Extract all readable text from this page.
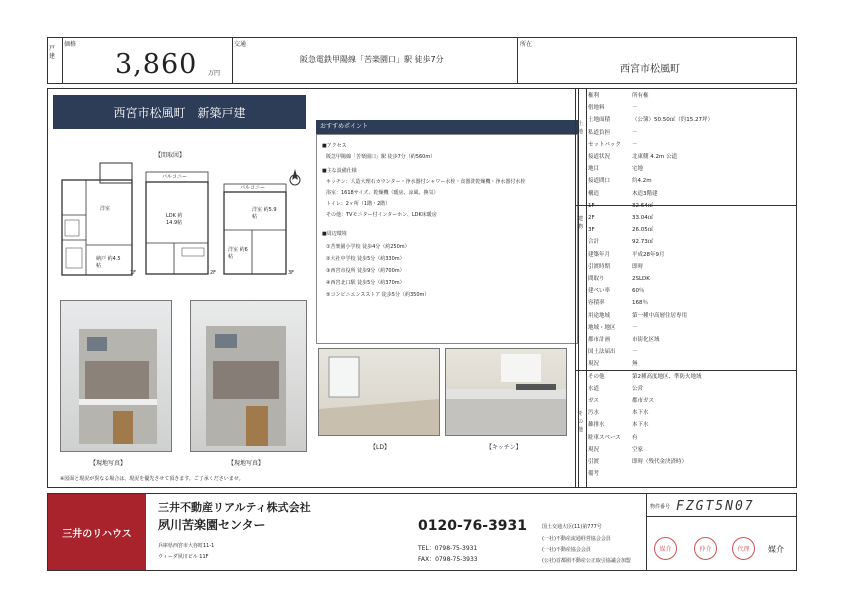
戸建
価格
3,860 万円
交通
阪急電鉄甲陽線「苦楽園口」駅 徒歩7分
所在
西宮市松風町
西宮市松風町　新築戸建
【間取図】
洋室
納戸 約4.5帖
1F
バルコニー
LDK 約14.9帖
2F
バルコニー
洋室 約5.9帖
洋室 約6帖
3F
【現地写真】	【現地写真】
【LD】	【キッチン】
※図面と現況が異なる場合は、現況を優先させて頂きます。ご了承くださいませ。
おすすめポイント
■アクセス
阪急甲陽線「苦楽園口」駅 徒歩7分（約560m）
■主な設備仕様
キッチン：人造大理石カウンター・浄水器付シャワー水栓・食器洗乾燥機・浄水器付水栓
浴室：1618サイズ、乾燥機（暖房、涼風、換気）
トイレ：2ヶ所（1階・2階）
その他：TVモニター付インターホン、LDK床暖房
■周辺環境
①苦楽園小学校 徒歩4分（約250m）
②大社中学校 徒歩5分（約330m）
③西宮市役所 徒歩9分（約700m）
④西宮北口駅 徒歩5分（約370m）
⑤コンビニエンスストア 徒歩5分（約350m）
土地
建物
その他
権利	所有権
借地料	－
土地面積	（公簿）50.50㎡（約15.27坪）
私道負担	－
セットバック	－
接道状況	北東側 4.2m 公道
地目	宅地
接道間口	約4.2m
構造	木造3階建
1F	32.64㎡
2F	33.04㎡
3F	26.05㎡
合計	92.73㎡
建築年月	平成28年9月
引渡時期	即時
間取り	2SLDK
建ぺい率	60％
容積率	168％
用途地域	第一種中高層住居専用
地域・地区	－
都市計画	市街化区域
国土法届出	－
現況	無
その他	第2種高度地区、準防火地域
水道	公営
ガス	都市ガス
汚水	本下水
雑排水	本下水
駐車スペース	有
現況	空家
引渡	即時（残代金決済時）
備考
三井のリハウス
三井不動産リアルティ株式会社
夙川苦楽園センター
兵庫県西宮市大谷町11-1
ウィーダ夙川ビル 11F
0120-76-3931
TEL：0798-75-3931
FAX：0798-75-3933
国土交通大臣(11)第777号
(一社)不動産流通経営協会会員
(一社)不動産協会会員
(公社)首都圏不動産公正取引協議会加盟
物件番号 FZGT5N07
媒介	仲介	代理 媒介
